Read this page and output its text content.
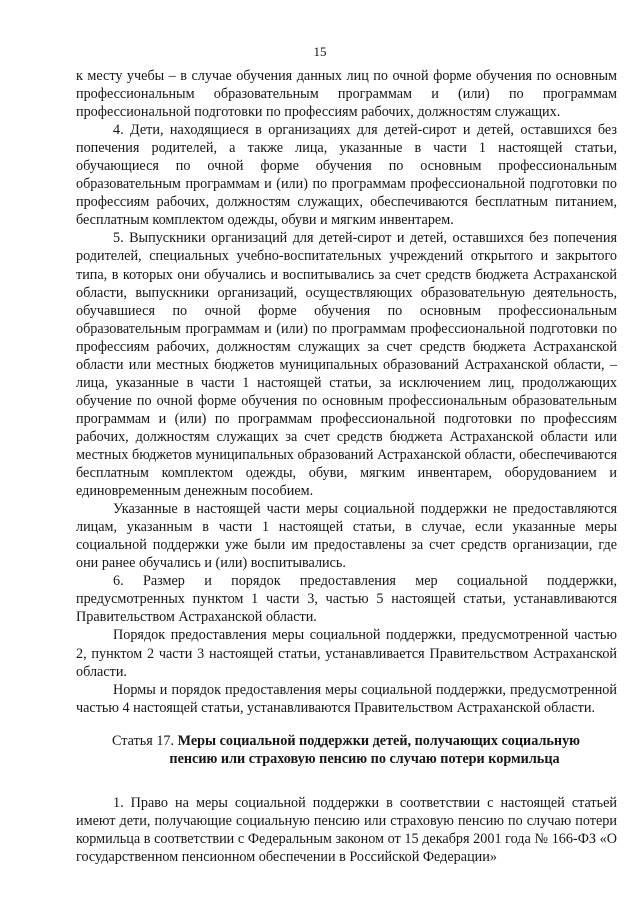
15

к месту учебы – в случае обучения данных лиц по очной форме обучения по основным профессиональным образовательным программам и (или) по программам профессиональной подготовки по профессиям рабочих, должностям служащих.

4. Дети, находящиеся в организациях для детей-сирот и детей, оставшихся без попечения родителей, а также лица, указанные в части 1 настоящей статьи, обучающиеся по очной форме обучения по основным профессиональным образовательным программам и (или) по программам профессиональной подготовки по профессиям рабочих, должностям служащих, обеспечиваются бесплатным питанием, бесплатным комплектом одежды, обуви и мягким инвентарем.

5. Выпускники организаций для детей-сирот и детей, оставшихся без попечения родителей, специальных учебно-воспитательных учреждений открытого и закрытого типа, в которых они обучались и воспитывались за счет средств бюджета Астраханской области, выпускники организаций, осуществляющих образовательную деятельность, обучавшиеся по очной форме обучения по основным профессиональным образовательным программам и (или) по программам профессиональной подготовки по профессиям рабочих, должностям служащих за счет средств бюджета Астраханской области или местных бюджетов муниципальных образований Астраханской области, – лица, указанные в части 1 настоящей статьи, за исключением лиц, продолжающих обучение по очной форме обучения по основным профессиональным образовательным программам и (или) по программам профессиональной подготовки по профессиям рабочих, должностям служащих за счет средств бюджета Астраханской области или местных бюджетов муниципальных образований Астраханской области, обеспечиваются бесплатным комплектом одежды, обуви, мягким инвентарем, оборудованием и единовременным денежным пособием.

Указанные в настоящей части меры социальной поддержки не предоставляются лицам, указанным в части 1 настоящей статьи, в случае, если указанные меры социальной поддержки уже были им предоставлены за счет средств организации, где они ранее обучались и (или) воспитывались.

6. Размер и порядок предоставления мер социальной поддержки, предусмотренных пунктом 1 части 3, частью 5 настоящей статьи, устанавливаются Правительством Астраханской области.

Порядок предоставления меры социальной поддержки, предусмотренной частью 2, пунктом 2 части 3 настоящей статьи, устанавливается Правительством Астраханской области.

Нормы и порядок предоставления меры социальной поддержки, предусмотренной частью 4 настоящей статьи, устанавливаются Правительством Астраханской области.

Статья 17. Меры социальной поддержки детей, получающих социальную
пенсию или страховую пенсию по случаю потери кормильца

1. Право на меры социальной поддержки в соответствии с настоящей статьей имеют дети, получающие социальную пенсию или страховую пенсию по случаю потери кормильца в соответствии с Федеральным законом от 15 декабря 2001 года № 166-ФЗ «О государственном пенсионном обеспечении в Российской Федерации»
